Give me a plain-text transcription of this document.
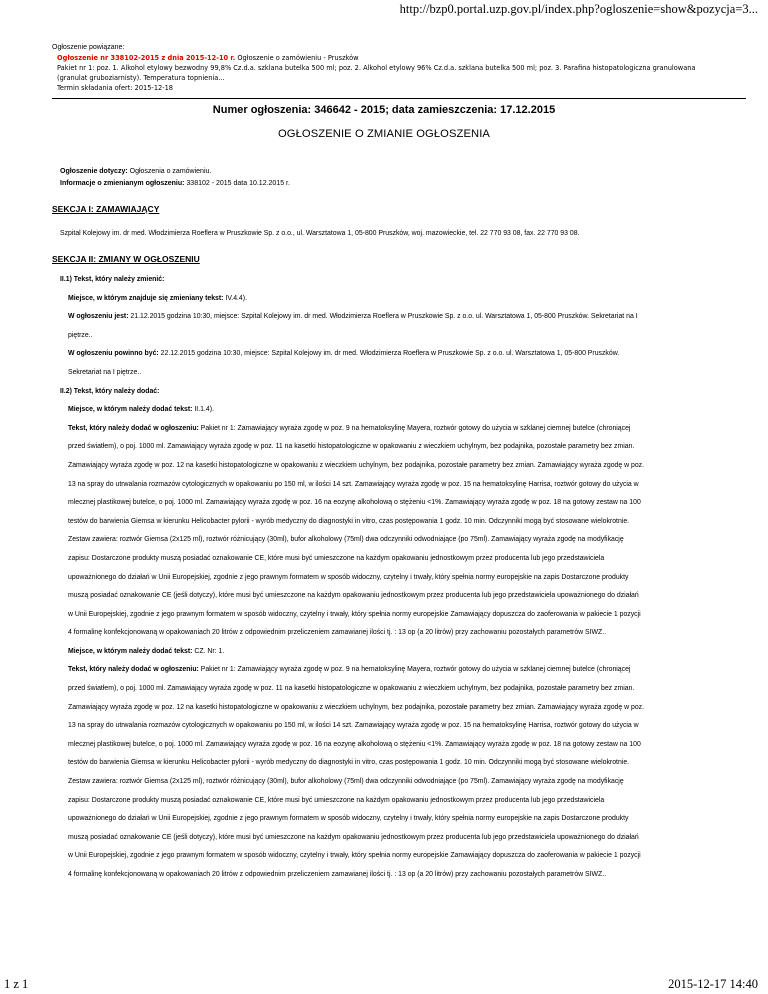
http://bzp0.portal.uzp.gov.pl/index.php?ogloszenie=show&pozycja=3...
Ogłoszenie powiązane:
Ogłoszenie nr 338102-2015 z dnia 2015-12-10 r. Ogłoszenie o zamówieniu - Pruszków
Pakiet nr 1: poz. 1. Alkohol etylowy bezwodny 99,8% Cz.d.a. szklana butelka 500 ml; poz. 2. Alkohol etylowy 96% Cz.d.a. szklana butelka 500 ml; poz. 3. Parafina histopatologiczna granulowana
(granulat gruboziarnisty). Temperatura topnienia...
Termin składania ofert: 2015-12-18
Numer ogłoszenia: 346642 - 2015; data zamieszczenia: 17.12.2015
OGŁOSZENIE O ZMIANIE OGŁOSZENIA
Ogłoszenie dotyczy: Ogłoszenia o zamówieniu.
Informacje o zmienianym ogłoszeniu: 338102 - 2015 data 10.12.2015 r.
SEKCJA I: ZAMAWIAJĄCY
Szpital Kolejowy im. dr med. Włodzimierza Roeflera w Pruszkowie Sp. z o.o., ul. Warsztatowa 1, 05-800 Pruszków, woj. mazowieckie, tel. 22 770 93 08, fax. 22 770 93 08.
SEKCJA II: ZMIANY W OGŁOSZENIU
II.1) Tekst, który należy zmienić:
Miejsce, w którym znajduje się zmieniany tekst: IV.4.4).
W ogłoszeniu jest: 21.12.2015 godzina 10:30, miejsce: Szpital Kolejowy im. dr med. Włodzimierza Roeflera w Pruszkowie Sp. z o.o. ul. Warsztatowa 1, 05-800 Pruszków. Sekretariat na I
piętrze..
W ogłoszeniu powinno być: 22.12.2015 godzina 10:30, miejsce: Szpital Kolejowy im. dr med. Włodzimierza Roeflera w Pruszkowie Sp. z o.o. ul. Warsztatowa 1, 05-800 Pruszków.
Sekretariat na I piętrze..
II.2) Tekst, który należy dodać:
Miejsce, w którym należy dodać tekst: II.1.4).
Tekst, który należy dodać w ogłoszeniu: Pakiet nr 1: Zamawiający wyraża zgodę w poz. 9 na hematoksylinę Mayera, roztwór gotowy do użycia w szklanej ciemnej butelce (chroniącej
przed światłem), o poj. 1000 ml. Zamawiający wyraża zgodę w poz. 11 na kasetki histopatologiczne w opakowaniu z wieczkiem uchylnym, bez podajnika, pozostałe parametry bez zmian.
Zamawiający wyraża zgodę w poz. 12 na kasetki histopatologiczne w opakowaniu z wieczkiem uchylnym, bez podajnika, pozostałe parametry bez zmian. Zamawiający wyraża zgodę w poz.
13 na spray do utrwalania rozmazów cytologicznych w opakowaniu po 150 ml, w ilości 14 szt. Zamawiający wyraża zgodę w poz. 15 na hematoksylinę Harrisa, roztwór gotowy do użycia w
mlecznej plastikowej butelce, o poj. 1000 ml. Zamawiający wyraża zgodę w poz. 16 na eozynę alkoholową o stężeniu <1%. Zamawiający wyraża zgodę w poz. 18 na gotowy zestaw na 100
testów do barwienia Giemsa w kierunku Helicobacter pylorii - wyrób medyczny do diagnostyki in vitro, czas postępowania 1 godz. 10 min. Odczynniki mogą być stosowane wielokrotnie.
Zestaw zawiera: roztwór Giemsa (2x125 ml), roztwór różnicujący (30ml), bufor alkoholowy (75ml) dwa odczynniki odwodniające (po 75ml). Zamawiający wyraża zgodę na modyfikację
zapisu: Dostarczone produkty muszą posiadać oznakowanie CE, które musi być umieszczone na każdym opakowaniu jednostkowym przez producenta lub jego przedstawiciela
upoważnionego do działań w Unii Europejskiej, zgodnie z jego prawnym formatem w sposób widoczny, czytelny i trwały, który spełnia normy europejskie na zapis Dostarczone produkty
muszą posiadać oznakowanie CE (jeśli dotyczy), które musi być umieszczone na każdym opakowaniu jednostkowym przez producenta lub jego przedstawiciela upoważnionego do działań
w Unii Europejskiej, zgodnie z jego prawnym formatem w sposób widoczny, czytelny i trwały, który spełnia normy europejskie Zamawiający dopuszcza do zaoferowania w pakiecie 1 pozycji
4 formalinę konfekcjonowaną w opakowaniach 20 litrów z odpowiednim przeliczeniem zamawianej ilości tj. : 13 op (a 20 litrów) przy zachowaniu pozostałych parametrów SIWZ..
Miejsce, w którym należy dodać tekst: CZ. Nr: 1.
Tekst, który należy dodać w ogłoszeniu: Pakiet nr 1: Zamawiający wyraża zgodę w poz. 9 na hematoksylinę Mayera, roztwór gotowy do użycia w szklanej ciemnej butelce (chroniącej
przed światłem), o poj. 1000 ml. Zamawiający wyraża zgodę w poz. 11 na kasetki histopatologiczne w opakowaniu z wieczkiem uchylnym, bez podajnika, pozostałe parametry bez zmian.
Zamawiający wyraża zgodę w poz. 12 na kasetki histopatologiczne w opakowaniu z wieczkiem uchylnym, bez podajnika, pozostałe parametry bez zmian. Zamawiający wyraża zgodę w poz.
13 na spray do utrwalania rozmazów cytologicznych w opakowaniu po 150 ml, w ilości 14 szt. Zamawiający wyraża zgodę w poz. 15 na hematoksylinę Harrisa, roztwór gotowy do użycia w
mlecznej plastikowej butelce, o poj. 1000 ml. Zamawiający wyraża zgodę w poz. 16 na eozynę alkoholową o stężeniu <1%. Zamawiający wyraża zgodę w poz. 18 na gotowy zestaw na 100
testów do barwienia Giemsa w kierunku Helicobacter pylorii - wyrób medyczny do diagnostyki in vitro, czas postępowania 1 godz. 10 min. Odczynniki mogą być stosowane wielokrotnie.
Zestaw zawiera: roztwór Giemsa (2x125 ml), roztwór różnicujący (30ml), bufor alkoholowy (75ml) dwa odczynniki odwodniające (po 75ml). Zamawiający wyraża zgodę na modyfikację
zapisu: Dostarczone produkty muszą posiadać oznakowanie CE, które musi być umieszczone na każdym opakowaniu jednostkowym przez producenta lub jego przedstawiciela
upoważnionego do działań w Unii Europejskiej, zgodnie z jego prawnym formatem w sposób widoczny, czytelny i trwały, który spełnia normy europejskie na zapis Dostarczone produkty
muszą posiadać oznakowanie CE (jeśli dotyczy), które musi być umieszczone na każdym opakowaniu jednostkowym przez producenta lub jego przedstawiciela upoważnionego do działań
w Unii Europejskiej, zgodnie z jego prawnym formatem w sposób widoczny, czytelny i trwały, który spełnia normy europejskie Zamawiający dopuszcza do zaoferowania w pakiecie 1 pozycji
4 formalinę konfekcjonowaną w opakowaniach 20 litrów z odpowiednim przeliczeniem zamawianej ilości tj. : 13 op (a 20 litrów) przy zachowaniu pozostałych parametrów SIWZ..
1 z 1	2015-12-17 14:40
